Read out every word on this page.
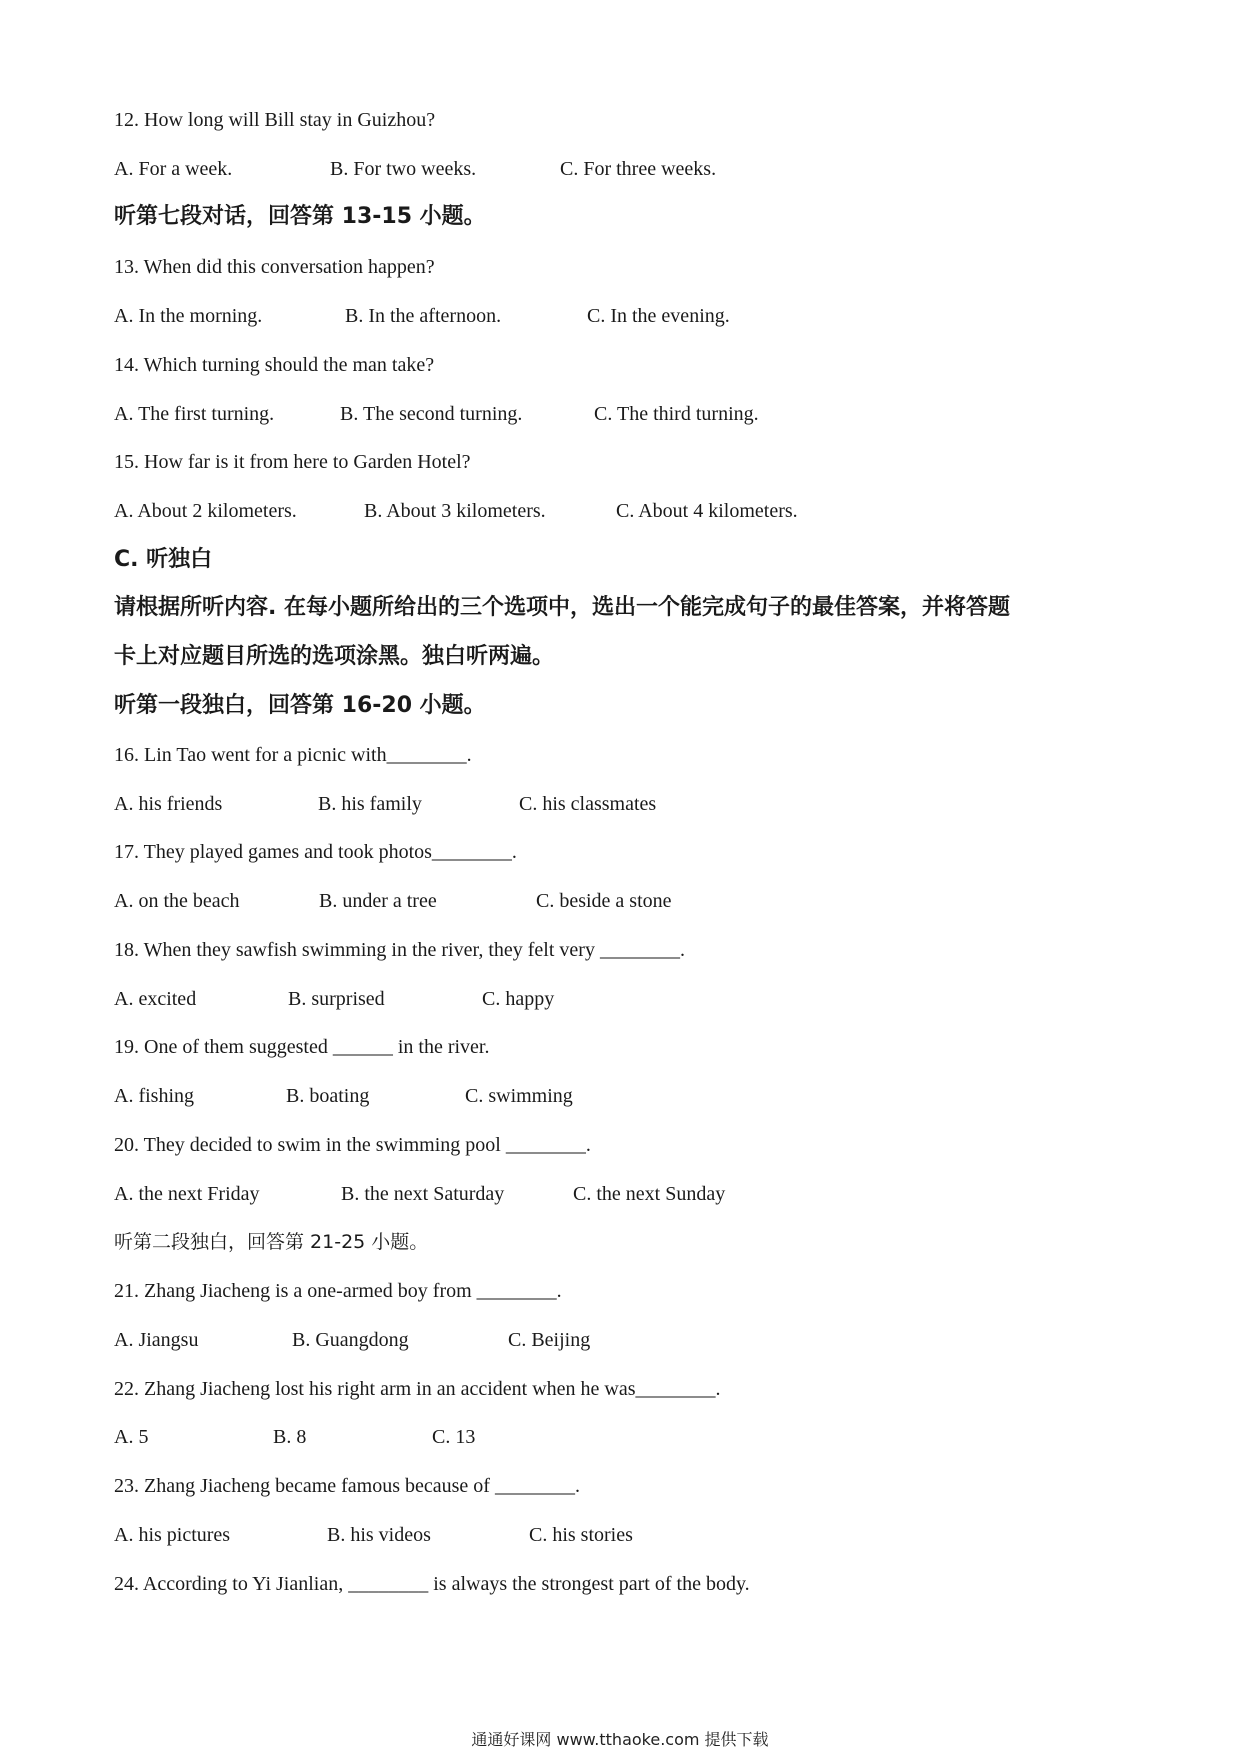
12. How long will Bill stay in Guizhou?
A. For a week.	B. For two weeks.	C. For three weeks.
听第七段对话，回答第 13-15 小题。
13. When did this conversation happen?
A. In the morning.	B. In the afternoon.	C. In the evening.
14. Which turning should the man take?
A. The first turning.	B. The second turning.	C. The third turning.
15. How far is it from here to Garden Hotel?
A. About 2 kilometers.	B. About 3 kilometers.	C. About 4 kilometers.
C. 听独白
请根据所听内容. 在每小题所给出的三个选项中，选出一个能完成句子的最佳答案，并将答题
卡上对应题目所选的选项涂黑。独白听两遍。
听第一段独白，回答第 16-20 小题。
16. Lin Tao went for a picnic with________.
A. his friends	B. his family	C. his classmates
17. They played games and took photos________.
A. on the beach	B. under a tree	C. beside a stone
18. When they sawfish swimming in the river, they felt very ________.
A. excited	B. surprised	C. happy
19. One of them suggested ______ in the river.
A. fishing	B. boating	C. swimming
20. They decided to swim in the swimming pool ________.
A. the next Friday	B. the next Saturday	C. the next Sunday
听第二段独白，回答第 21-25 小题。
21. Zhang Jiacheng is a one-armed boy from ________.
A. Jiangsu	B. Guangdong	C. Beijing
22. Zhang Jiacheng lost his right arm in an accident when he was________.
A. 5	B. 8	C. 13
23. Zhang Jiacheng became famous because of ________.
A. his pictures	B. his videos	C. his stories
24. According to Yi Jianlian, ________ is always the strongest part of the body.
通通好课网 www.tthaoke.com 提供下载
